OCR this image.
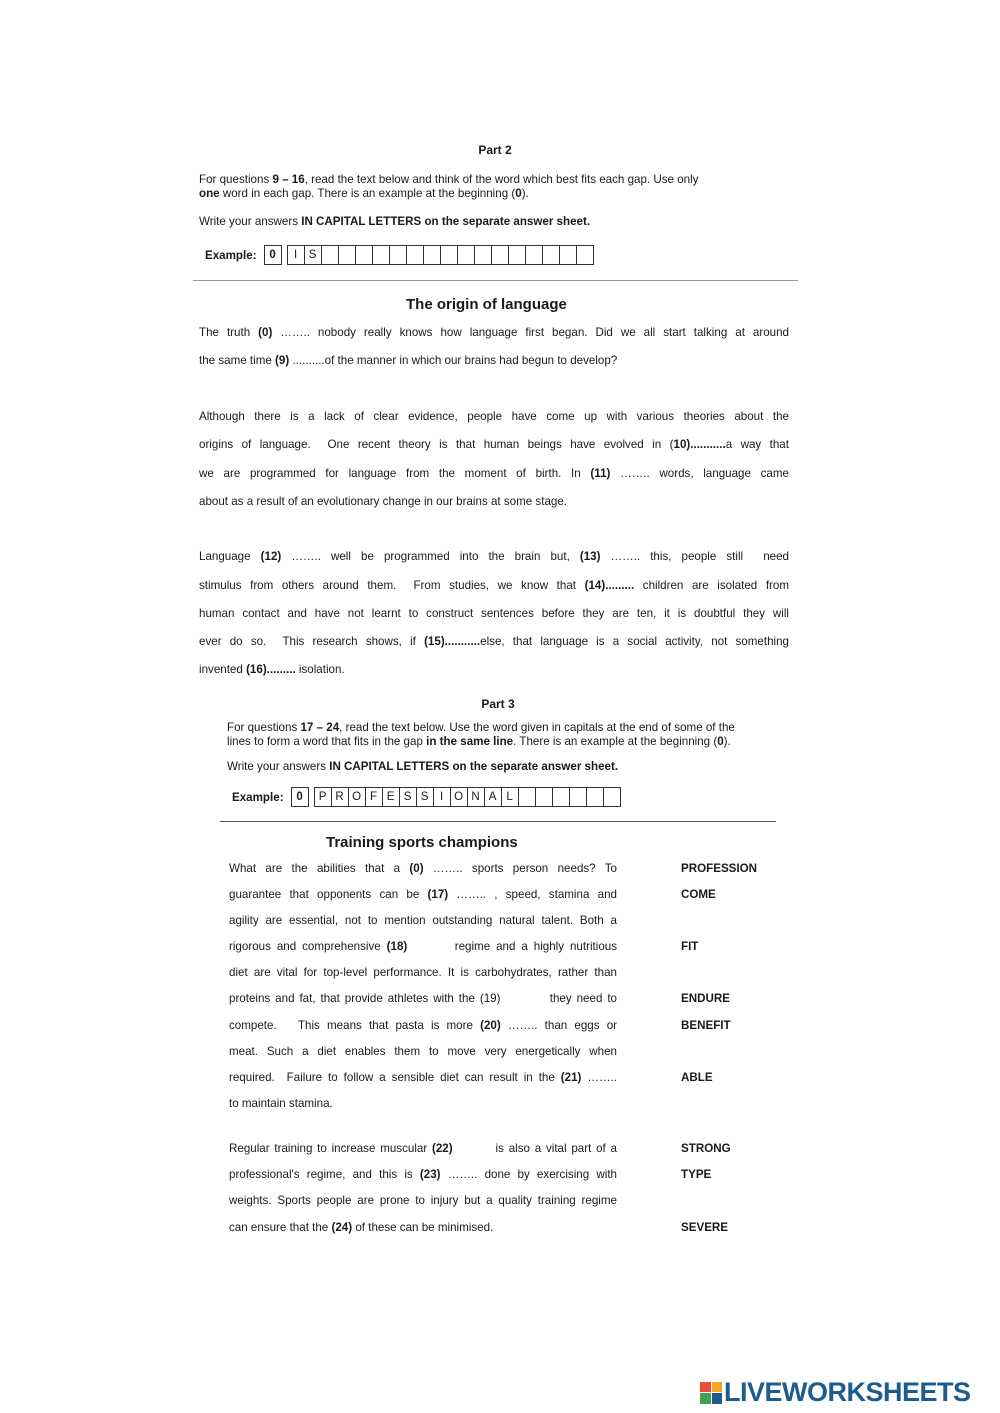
Part 2
For questions 9 – 16, read the text below and think of the word which best fits each gap. Use only
one word in each gap. There is an example at the beginning (0).
Write your answers IN CAPITAL LETTERS on the separate answer sheet.
Example:	0	I	S
The origin of language
The truth (0) …….. nobody really knows how language first began. Did we all start talking at around
the same time (9) ..........of the manner in which our brains had begun to develop?
Although there is a lack of clear evidence, people have come up with various theories about the
origins of language.  One recent theory is that human beings have evolved in (10)...........a way that
we are programmed for language from the moment of birth. In (11) …….. words, language came
about as a result of an evolutionary change in our brains at some stage.
Language (12) …….. well be programmed into the brain but, (13) …….. this, people still  need
stimulus from others around them.  From studies, we know that (14)......... children are isolated from
human contact and have not learnt to construct sentences before they are ten, it is doubtful they will
ever do so.  This research shows, if (15)...........else, that language is a social activity, not something
invented (16)......... isolation.
Part 3
For questions 17 – 24, read the text below. Use the word given in capitals at the end of some of the
lines to form a word that fits in the gap in the same line. There is an example at the beginning (0).
Write your answers IN CAPITAL LETTERS on the separate answer sheet.
Example:	0	P R O F E S S	I O N A L
Training sports champions
What are the abilities that a (0) …….. sports person needs? To	PROFESSION
guarantee that opponents can be (17) …….. , speed, stamina and	COME
agility are essential, not to mention outstanding natural talent. Both a
rigorous and comprehensive (18)        regime and a highly nutritious	FIT
diet are vital for top-level performance. It is carbohydrates, rather than
proteins and fat, that provide athletes with the (19)          they need to	ENDURE
compete.   This means that pasta is more (20) …….. than eggs or	BENEFIT
meat. Such a diet enables them to move very energetically when
required.  Failure to follow a sensible diet can result in the (21) ……..	ABLE
to maintain stamina.
Regular training to increase muscular (22)         is also a vital part of a	STRONG
professional's regime, and this is (23) …….. done by exercising with	TYPE
weights. Sports people are prone to injury but a quality training regime
can ensure that the (24) of these can be minimised.	SEVERE
LIVEWORKSHEETS
